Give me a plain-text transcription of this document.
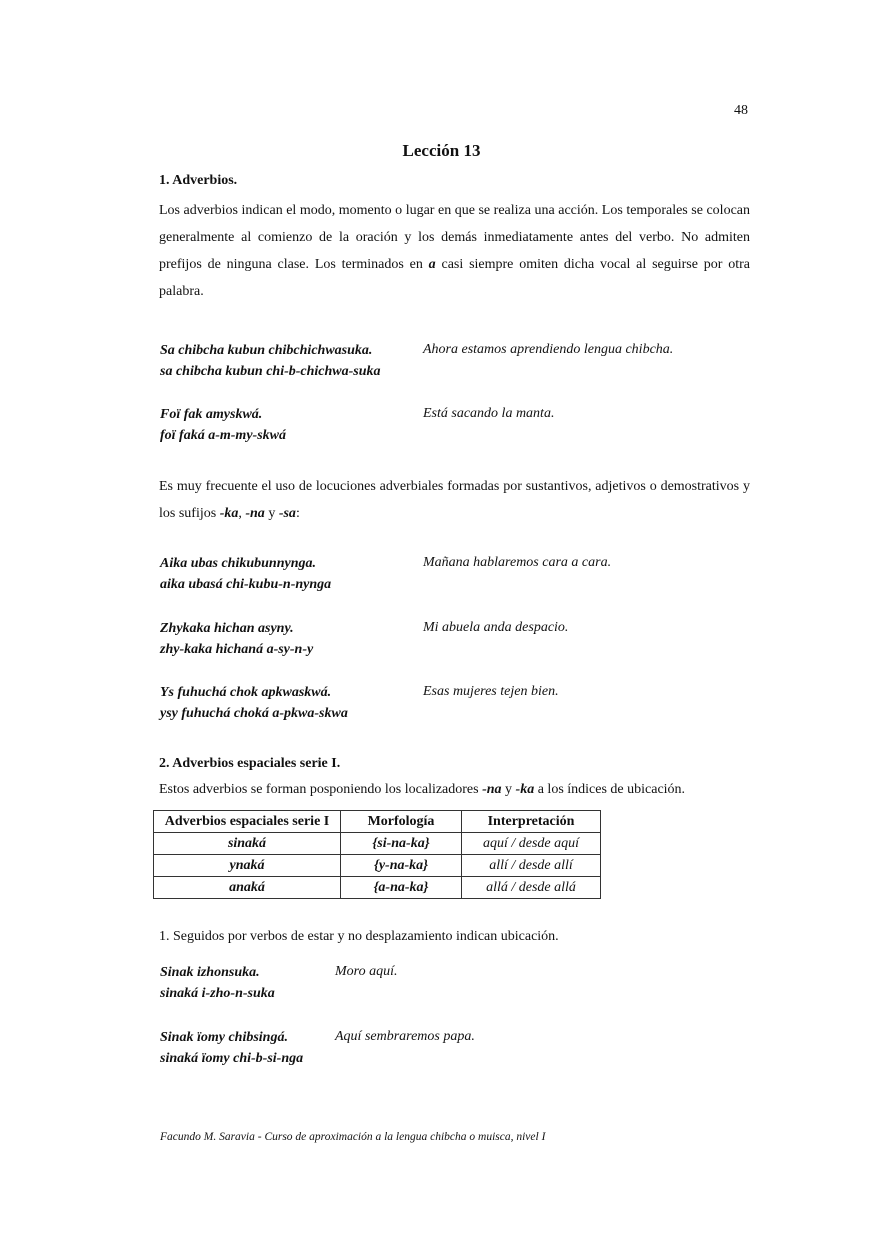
48
Lección 13
1. Adverbios.
Los adverbios indican el modo, momento o lugar en que se realiza una acción. Los temporales se colocan generalmente al comienzo de la oración y los demás inmediatamente antes del verbo. No admiten prefijos de ninguna clase. Los terminados en a casi siempre omiten dicha vocal al seguirse por otra palabra.
Sa chibcha kubun chibchichwasuka.
sa chibcha kubun chi-b-chichwa-suka
Ahora estamos aprendiendo lengua chibcha.
Foï fak amyskwá.
foï faká a-m-my-skwá
Está sacando la manta.
Es muy frecuente el uso de locuciones adverbiales formadas por sustantivos, adjetivos o demostrativos y los sufijos -ka, -na y -sa:
Aika ubas chikubunnynga.
aika ubasá chi-kubu-n-nynga
Mañana hablaremos cara a cara.
Zhykaka hichan asyny.
zhy-kaka hichaná a-sy-n-y
Mi abuela anda despacio.
Ys fuhuchá chok apkwaskwá.
ysy fuhuchá choká a-pkwa-skwa
Esas mujeres tejen bien.
2. Adverbios espaciales serie I.
Estos adverbios se forman posponiendo los localizadores -na y -ka a los índices de ubicación.
Adverbios espaciales serie I	Morfología	Interpretación
sinaká	{si-na-ka}	aquí / desde aquí
ynaká	{y-na-ka}	allí / desde allí
anaká	{a-na-ka}	allá / desde allá
1. Seguidos por verbos de estar y no desplazamiento indican ubicación.
Sinak izhonsuka.
sinaká i-zho-n-suka
Moro aquí.
Sinak ïomy chibsingá.
sinaká ïomy chi-b-si-nga
Aquí sembraremos papa.
Facundo M. Saravia - Curso de aproximación a la lengua chibcha o muisca, nivel I
